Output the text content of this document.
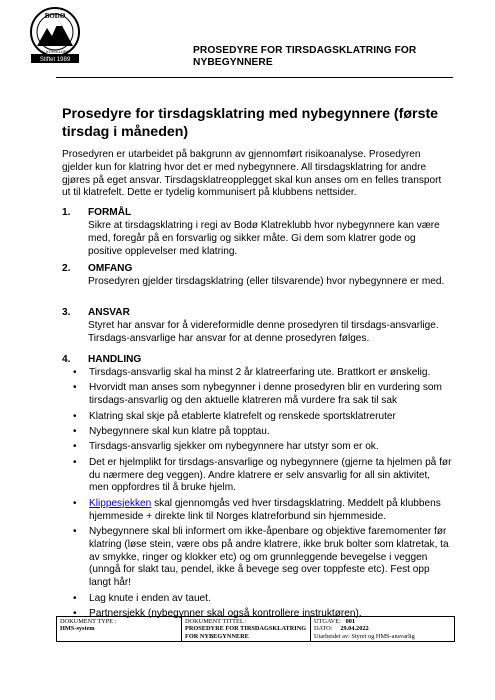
BODØ
KLATREKLUBB
Stiftet 1989
PROSEDYRE FOR TIRSDAGSKLATRING FOR NYBEGYNNERE
Prosedyre for tirsdagsklatring med nybegynnere (første tirsdag i måneden)
Prosedyren er utarbeidet på bakgrunn av gjennomført risikoanalyse. Prosedyren gjelder kun for klatring hvor det er med nybegynnere. All tirsdagsklatring for andre gjøres på eget ansvar. Tirsdagsklatreopplegget skal kun anses om en felles transport ut til klatrefelt. Dette er tydelig kommunisert på klubbens nettsider.
1. FORMÅL
Sikre at tirsdagsklatring i regi av Bodø Klatreklubb hvor nybegynnere kan være med, foregår på en forsvarlig og sikker måte. Gi dem som klatrer gode og positive opplevelser med klatring.
2. OMFANG
Prosedyren gjelder tirsdagsklatring (eller tilsvarende) hvor nybegynnere er med.
3. ANSVAR
Styret har ansvar for å videreformidle denne prosedyren til tirsdags-ansvarlige. Tirsdags-ansvarlige har ansvar for at denne prosedyren følges.
4. HANDLING
• Tirsdags-ansvarlig skal ha minst 2 år klatreerfaring ute. Brattkort er ønskelig.
• Hvorvidt man anses som nybegynner i denne prosedyren blir en vurdering som tirsdags-ansvarlig og den aktuelle klatreren må vurdere fra sak til sak
• Klatring skal skje på etablerte klatrefelt og renskede sportsklatreruter
• Nybegynnere skal kun klatre på topptau.
• Tirsdags-ansvarlig sjekker om nybegynnere har utstyr som er ok.
• Det er hjelmplikt for tirsdags-ansvarlige og nybegynnere (gjerne ta hjelmen på før du nærmere deg veggen). Andre klatrere er selv ansvarlig for all sin aktivitet, men oppfordres til å bruke hjelm.
• Klippesjekken skal gjennomgås ved hver tirsdagsklatring. Meddelt på klubbens hjemmeside + direkte link til Norges klatreforbund sin hjemmeside.
• Nybegynnere skal bli informert om ikke-åpenbare og objektive faremomenter før klatring (løse stein, være obs på andre klatrere, ikke bruk bolter som klatretak, ta av smykke, ringer og klokker etc) og om grunnleggende bevegelse i veggen (unngå for slakt tau, pendel, ikke å bevege seg over toppfeste etc). Fest opp langt hår!
• Lag knute i enden av tauet.
• Partnersjekk (nybegynner skal også kontrollere instruktøren).
DOKUMENT TYPE :
HMS-system

DOKUMENT TITTEL :
PROSEDYRE FOR TIRSDAGSKLATRING FOR NYBEGYNNERE

UTGAVE: 001
DATO: 29.04.2022
Utarbeidet av: Styret og HMS-ansvarlig
